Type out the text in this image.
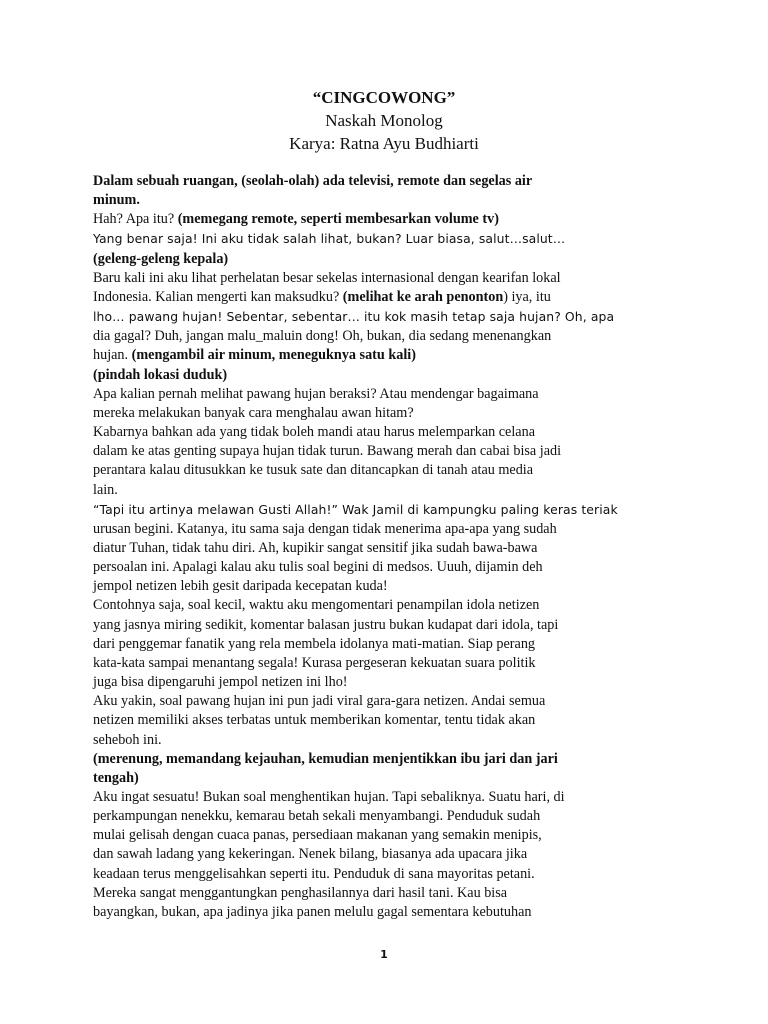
“CINGCOWONG”
Naskah Monolog
Karya: Ratna Ayu Budhiarti
Dalam sebuah ruangan, (seolah-olah) ada televisi, remote dan segelas air
minum.
Hah? Apa itu? (memegang remote, seperti membesarkan volume tv)
Yang benar saja! Ini aku tidak salah lihat, bukan? Luar biasa, salut…salut…
(geleng-geleng kepala)
Baru kali ini aku lihat perhelatan besar sekelas internasional dengan kearifan lokal
Indonesia. Kalian mengerti kan maksudku? (melihat ke arah penonton) iya, itu
lho… pawang hujan! Sebentar, sebentar… itu kok masih tetap saja hujan? Oh, apa
dia gagal? Duh, jangan malu_maluin dong! Oh, bukan, dia sedang menenangkan
hujan. (mengambil air minum, meneguknya satu kali)
(pindah lokasi duduk)
Apa kalian pernah melihat pawang hujan beraksi? Atau mendengar bagaimana
mereka melakukan banyak cara menghalau awan hitam?
Kabarnya bahkan ada yang tidak boleh mandi atau harus melemparkan celana
dalam ke atas genting supaya hujan tidak turun. Bawang merah dan cabai bisa jadi
perantara kalau ditusukkan ke tusuk sate dan ditancapkan di tanah atau media
lain.
“Tapi itu artinya melawan Gusti Allah!” Wak Jamil di kampungku paling keras teriak
urusan begini. Katanya, itu sama saja dengan tidak menerima apa-apa yang sudah
diatur Tuhan, tidak tahu diri. Ah, kupikir sangat sensitif jika sudah bawa-bawa
persoalan ini. Apalagi kalau aku tulis soal begini di medsos. Uuuh, dijamin deh
jempol netizen lebih gesit daripada kecepatan kuda!
Contohnya saja, soal kecil, waktu aku mengomentari penampilan idola netizen
yang jasnya miring sedikit, komentar balasan justru bukan kudapat dari idola, tapi
dari penggemar fanatik yang rela membela idolanya mati-matian. Siap perang
kata-kata sampai menantang segala! Kurasa pergeseran kekuatan suara politik
juga bisa dipengaruhi jempol netizen ini lho!
Aku yakin, soal pawang hujan ini pun jadi viral gara-gara netizen. Andai semua
netizen memiliki akses terbatas untuk memberikan komentar, tentu tidak akan
seheboh ini.
(merenung, memandang kejauhan, kemudian menjentikkan ibu jari dan jari
tengah)
Aku ingat sesuatu! Bukan soal menghentikan hujan. Tapi sebaliknya. Suatu hari, di
perkampungan nenekku, kemarau betah sekali menyambangi. Penduduk sudah
mulai gelisah dengan cuaca panas, persediaan makanan yang semakin menipis,
dan sawah ladang yang kekeringan. Nenek bilang, biasanya ada upacara jika
keadaan terus menggelisahkan seperti itu. Penduduk di sana mayoritas petani.
Mereka sangat menggantungkan penghasilannya dari hasil tani. Kau bisa
bayangkan, bukan, apa jadinya jika panen melulu gagal sementara kebutuhan
1
